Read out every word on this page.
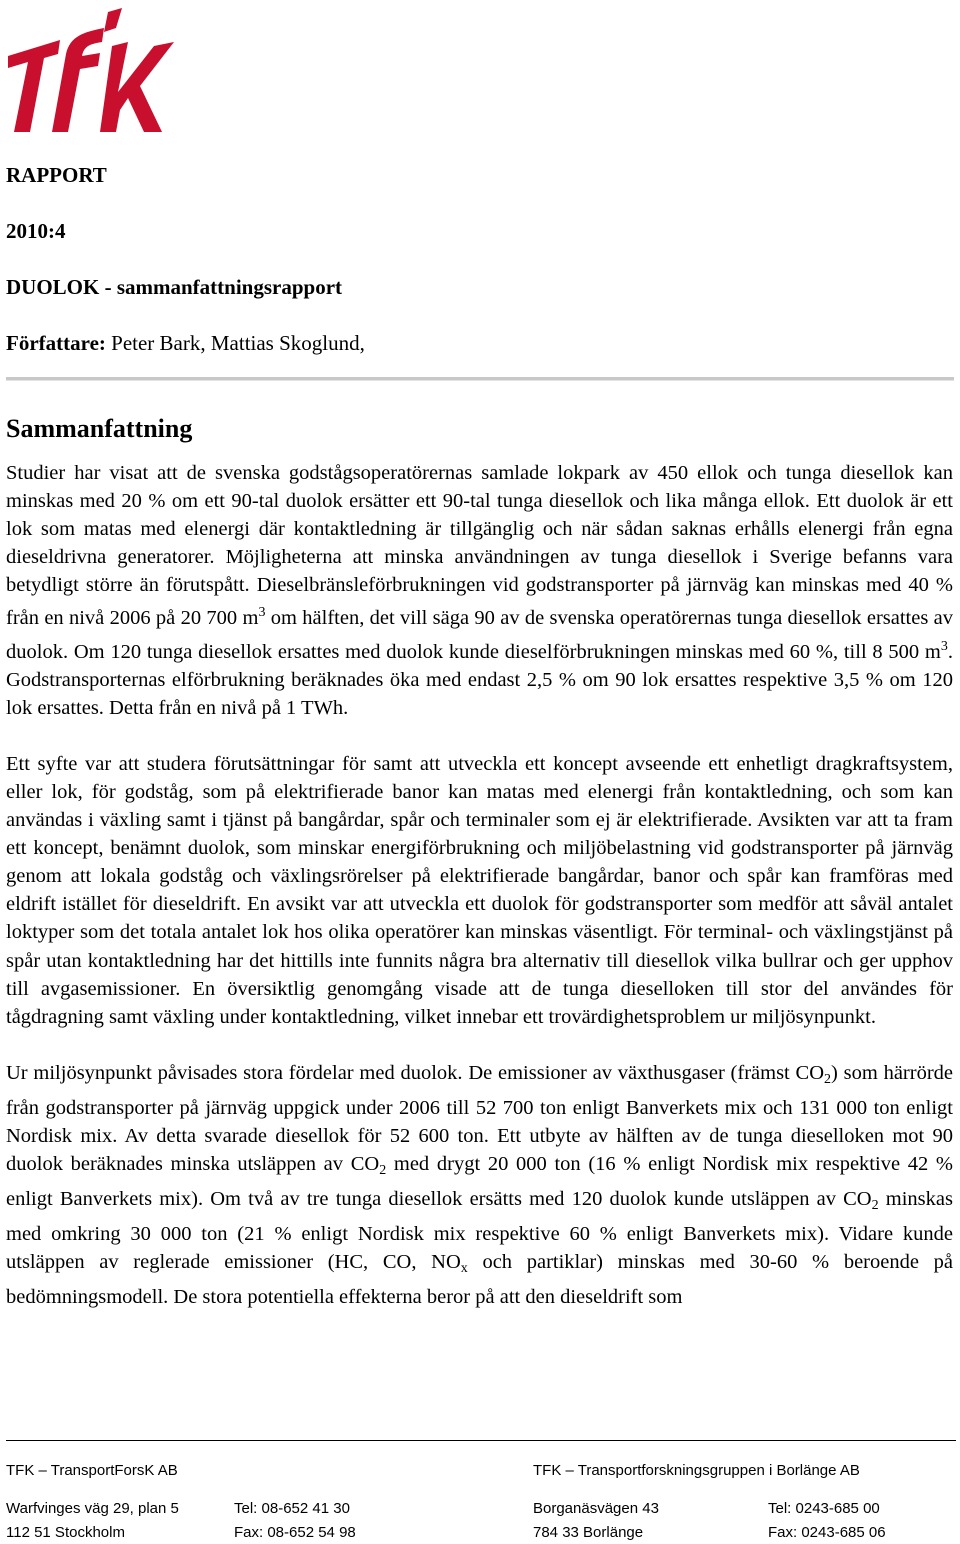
RAPPORT
2010:4
DUOLOK - sammanfattningsrapport
Författare: Peter Bark, Mattias Skoglund,
Sammanfattning

Studier har visat att de svenska godstågsoperatörernas samlade lokpark av 450 ellok och tunga diesellok kan minskas med 20 % om ett 90-tal duolok ersätter ett 90-tal tunga diesellok och lika många ellok. Ett duolok är ett lok som matas med elenergi där kontaktledning är tillgänglig och när sådan saknas erhålls elenergi från egna dieseldrivna generatorer. Möjligheterna att minska användningen av tunga diesellok i Sverige befanns vara betydligt större än förutspått. Dieselbränsleförbrukningen vid godstransporter på järnväg kan minskas med 40 % från en nivå 2006 på 20 700 $m^3$ om hälften, det vill säga 90 av de svenska operatörernas tunga diesellok ersattes av duolok. Om 120 tunga diesellok ersattes med duolok kunde dieselförbrukningen minskas med 60 %, till 8 500 $m^3$. Godstransporternas elförbrukning beräknades öka med endast 2,5 % om 90 lok ersattes respektive 3,5 % om 120 lok ersattes. Detta från en nivå på 1 TWh.

Ett syfte var att studera förutsättningar för samt att utveckla ett koncept avseende ett enhetligt dragkraftsystem, eller lok, för godståg, som på elektrifierade banor kan matas med elenergi från kontaktledning, och som kan användas i växling samt i tjänst på bangårdar, spår och terminaler som ej är elektrifierade. Avsikten var att ta fram ett koncept, benämnt duolok, som minskar energiförbrukning och miljöbelastning vid godstransporter på järnväg genom att lokala godståg och växlingsrörelser på elektrifierade bangårdar, banor och spår kan framföras med eldrift istället för dieseldrift. En avsikt var att utveckla ett duolok för godstransporter som medför att såväl antalet loktyper som det totala antalet lok hos olika operatörer kan minskas väsentligt. För terminal- och växlingstjänst på spår utan kontaktledning har det hittills inte funnits några bra alternativ till diesellok vilka bullrar och ger upphov till avgasemissioner. En översiktlig genomgång visade att de tunga dieselloken till stor del användes för tågdragning samt växling under kontaktledning, vilket innebar ett trovärdighetsproblem ur miljösynpunkt.

Ur miljösynpunkt påvisades stora fördelar med duolok. De emissioner av växthusgaser (främst $CO_2$) som härrörde från godstransporter på järnväg uppgick under 2006 till 52 700 ton enligt Banverkets mix och 131 000 ton enligt Nordisk mix. Av detta svarade diesellok för 52 600 ton. Ett utbyte av hälften av de tunga dieselloken mot 90 duolok beräknades minska utsläppen av $CO_2$ med drygt 20 000 ton (16 % enligt Nordisk mix respektive 42 % enligt Banverkets mix). Om två av tre tunga diesellok ersätts med 120 duolok kunde utsläppen av $CO_2$ minskas med omkring 30 000 ton (21 % enligt Nordisk mix respektive 60 % enligt Banverkets mix). Vidare kunde utsläppen av reglerade emissioner (HC, CO, $NO_x$ och partiklar) minskas med 30-60 % beroende på bedömningsmodell. De stora potentiella effekterna beror på att den dieseldrift som

TFK – TransportForsK AB	TFK – Transportforskningsgruppen i Borlänge AB
Warfvinges väg 29, plan 5	Tel: 08-652 41 30	Borganäsvägen 43	Tel: 0243-685 00
112 51 Stockholm	Fax: 08-652 54 98	784 33 Borlänge	Fax: 0243-685 06
